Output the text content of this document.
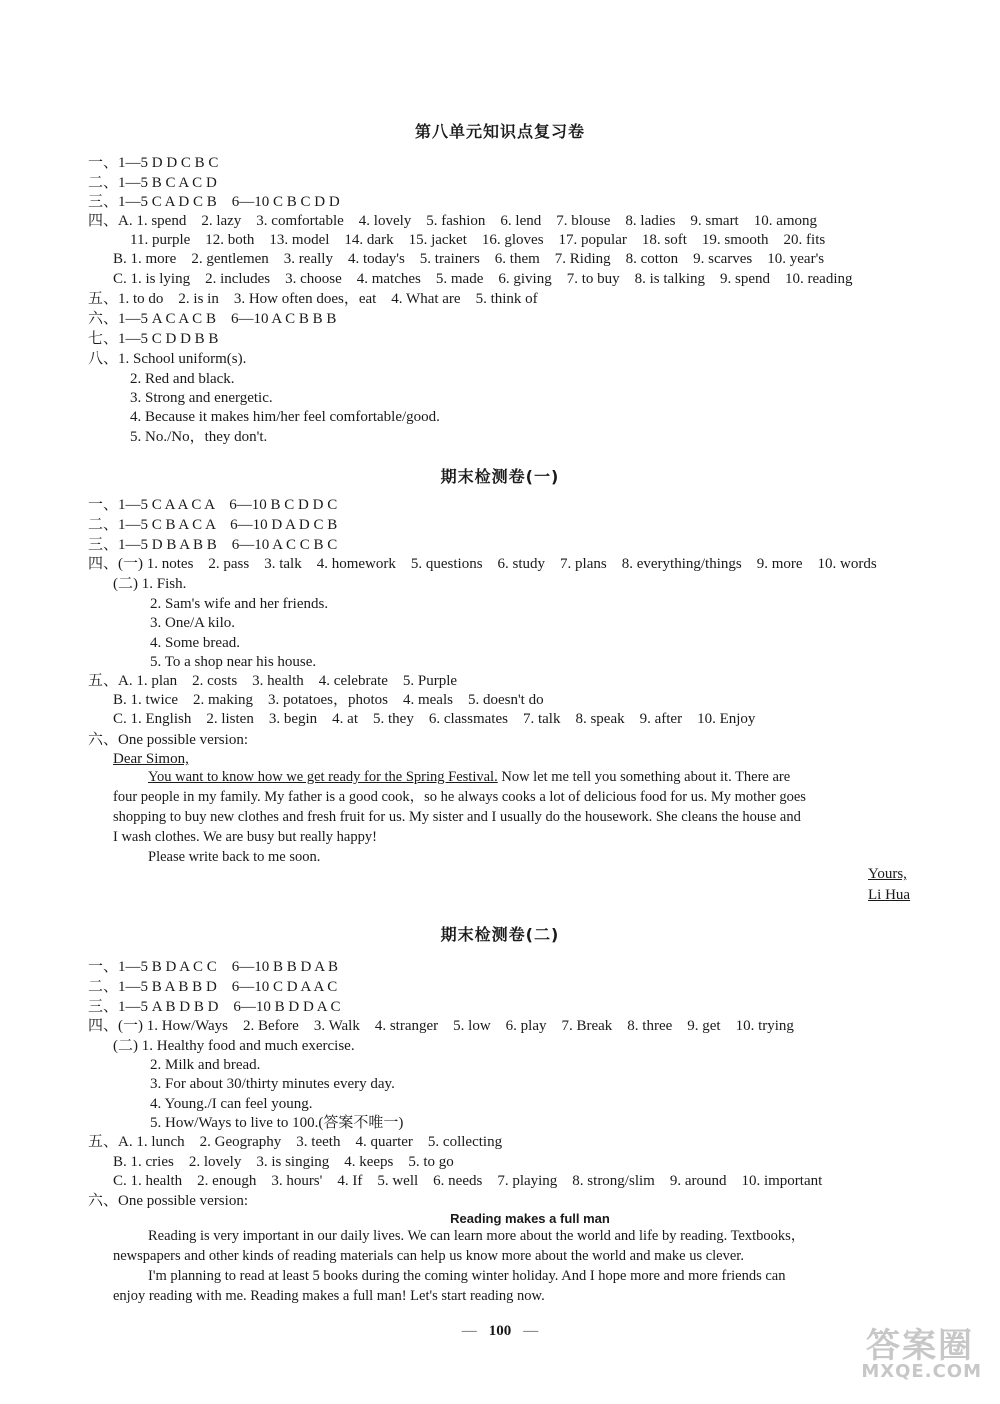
第八单元知识点复习卷
一、1—5 D D C B C
二、1—5 B C A C D
三、1—5 C A D C B　6—10 C B C D D
四、A. 1. spend　2. lazy　3. comfortable　4. lovely　5. fashion　6. lend　7. blouse　8. ladies　9. smart　10. among
11. purple　12. both　13. model　14. dark　15. jacket　16. gloves　17. popular　18. soft　19. smooth　20. fits
B. 1. more　2. gentlemen　3. really　4. today's　5. trainers　6. them　7. Riding　8. cotton　9. scarves　10. year's
C. 1. is lying　2. includes　3. choose　4. matches　5. made　6. giving　7. to buy　8. is talking　9. spend　10. reading
五、1. to do　2. is in　3. How often does，eat　4. What are　5. think of
六、1—5 A C A C B　6—10 A C B B B
七、1—5 C D D B B
八、1. School uniform(s).
2. Red and black.
3. Strong and energetic.
4. Because it makes him/her feel comfortable/good.
5. No./No，they don't.
期末检测卷(一)
一、1—5 C A A C A　6—10 B C D D C
二、1—5 C B A C A　6—10 D A D C B
三、1—5 D B A B B　6—10 A C C B C
四、(一) 1. notes　2. pass　3. talk　4. homework　5. questions　6. study　7. plans　8. everything/things　9. more　10. words
(二) 1. Fish.
2. Sam's wife and her friends.
3. One/A kilo.
4. Some bread.
5. To a shop near his house.
五、A. 1. plan　2. costs　3. health　4. celebrate　5. Purple
B. 1. twice　2. making　3. potatoes，photos　4. meals　5. doesn't do
C. 1. English　2. listen　3. begin　4. at　5. they　6. classmates　7. talk　8. speak　9. after　10. Enjoy
六、One possible version:
Dear Simon,
You want to know how we get ready for the Spring Festival. Now let me tell you something about it. There are
four people in my family. My father is a good cook，so he always cooks a lot of delicious food for us. My mother goes
shopping to buy new clothes and fresh fruit for us. My sister and I usually do the housework. She cleans the house and
I wash clothes. We are busy but really happy!
Please write back to me soon.
Yours,
Li Hua
期末检测卷(二)
一、1—5 B D A C C　6—10 B B D A B
二、1—5 B A B B D　6—10 C D A A C
三、1—5 A B D B D　6—10 B D D A C
四、(一) 1. How/Ways　2. Before　3. Walk　4. stranger　5. low　6. play　7. Break　8. three　9. get　10. trying
(二) 1. Healthy food and much exercise.
2. Milk and bread.
3. For about 30/thirty minutes every day.
4. Young./I can feel young.
5. How/Ways to live to 100.(答案不唯一)
五、A. 1. lunch　2. Geography　3. teeth　4. quarter　5. collecting
B. 1. cries　2. lovely　3. is singing　4. keeps　5. to go
C. 1. health　2. enough　3. hours'　4. If　5. well　6. needs　7. playing　8. strong/slim　9. around　10. important
六、One possible version:
Reading makes a full man
Reading is very important in our daily lives. We can learn more about the world and life by reading. Textbooks，
newspapers and other kinds of reading materials can help us know more about the world and make us clever.
I'm planning to read at least 5 books during the coming winter holiday. And I hope more and more friends can
enjoy reading with me. Reading makes a full man! Let's start reading now.
— 100 —	答案圈
MXQE.COM
